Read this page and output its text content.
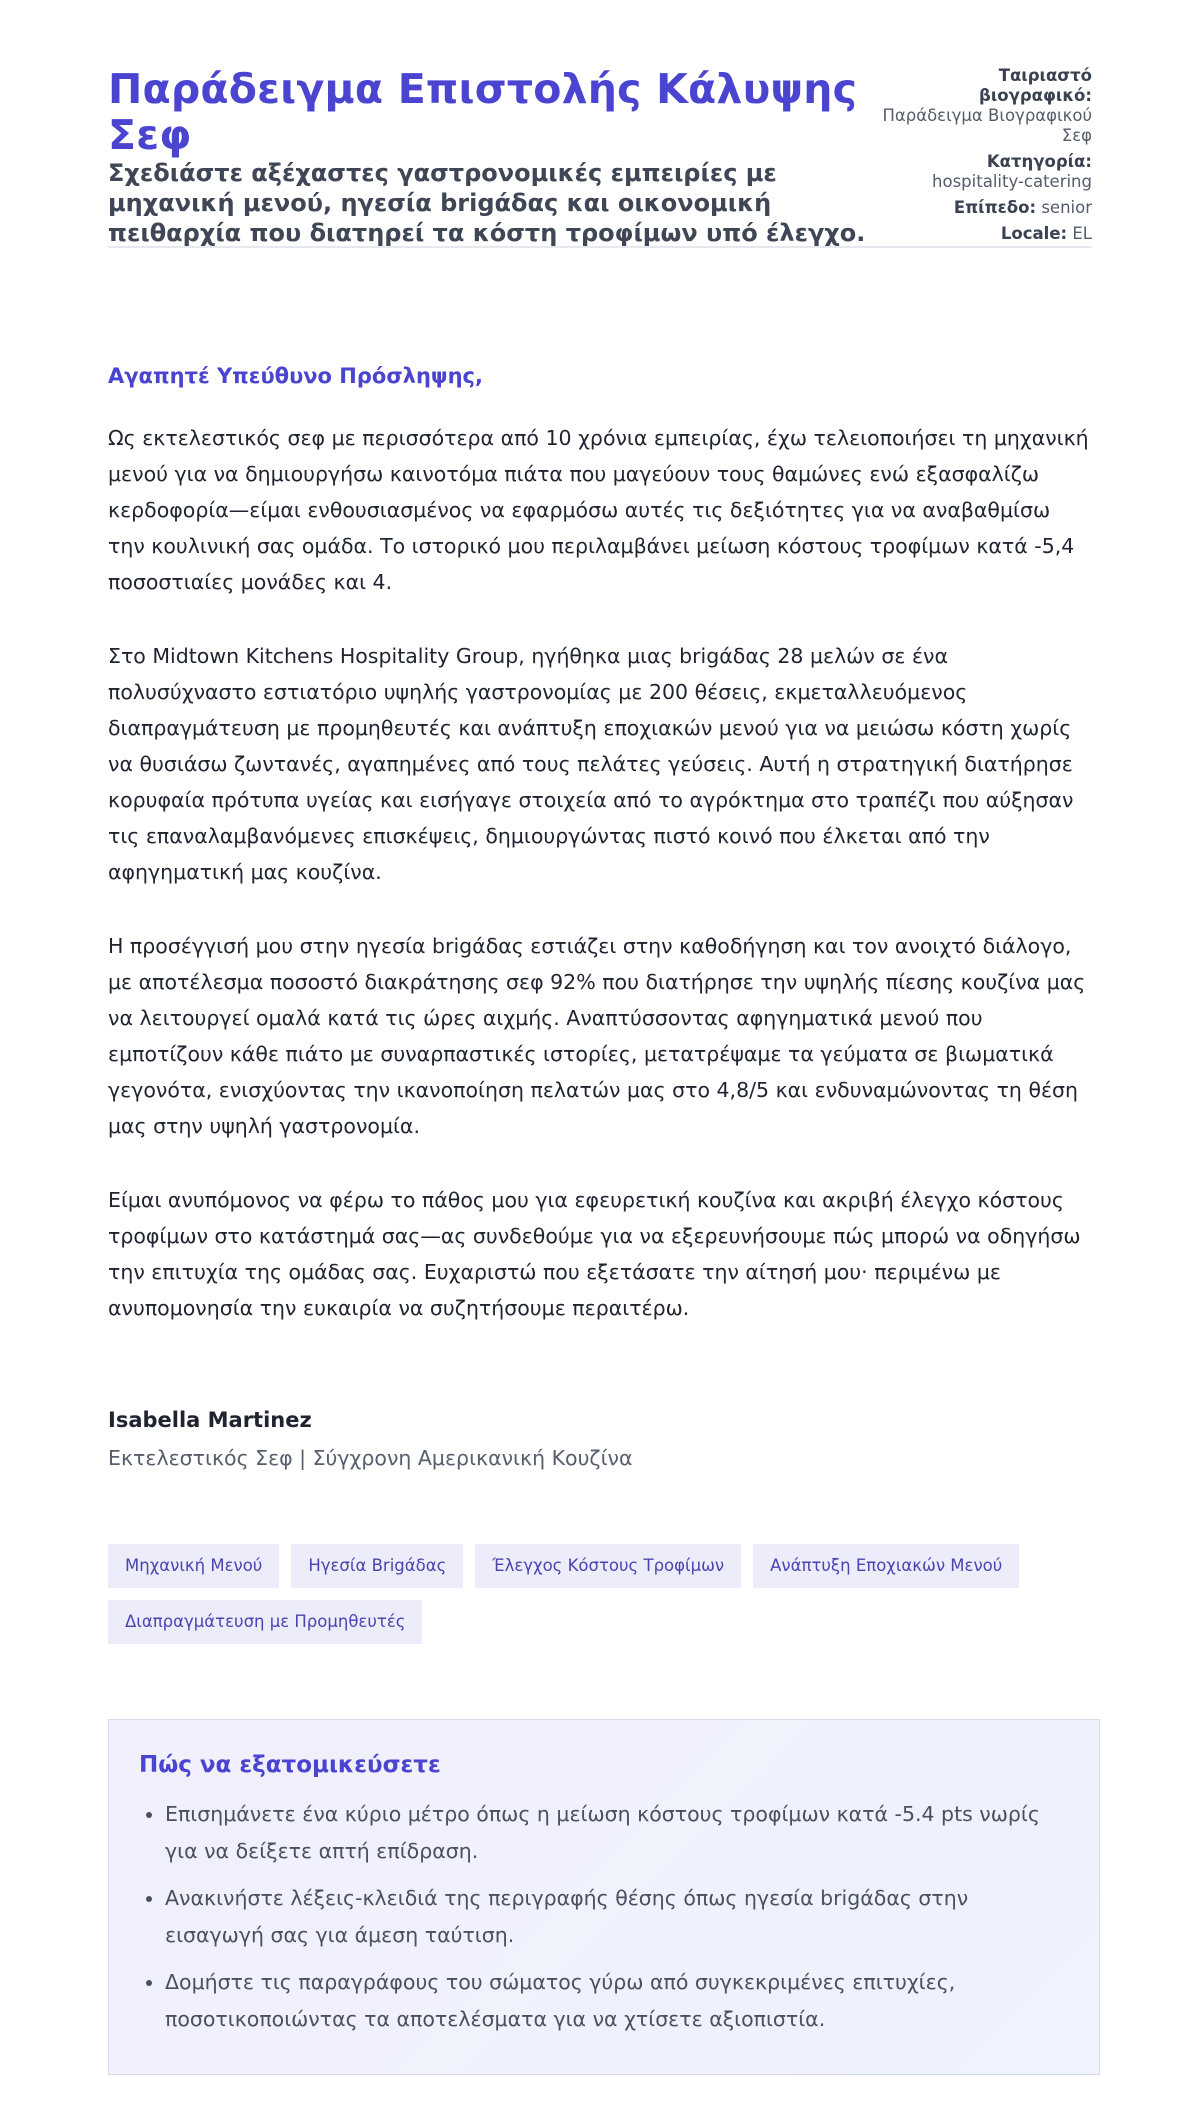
Παράδειγμα Επιστολής Κάλυψης Σεφ

Σχεδιάστε αξέχαστες γαστρονομικές εμπειρίες με μηχανική μενού, ηγεσία brigάδας και οικονομική πειθαρχία που διατηρεί τα κόστη τροφίμων υπό έλεγχο.

Ταιριαστό βιογραφικό:
Παράδειγμα Βιογραφικού Σεφ
Κατηγορία:
hospitality-catering
Επίπεδο: senior
Locale: EL

Αγαπητέ Υπεύθυνο Πρόσληψης,

Ως εκτελεστικός σεφ με περισσότερα από 10 χρόνια εμπειρίας, έχω τελειοποιήσει τη μηχανική μενού για να δημιουργήσω καινοτόμα πιάτα που μαγεύουν τους θαμώνες ενώ εξασφαλίζω κερδοφορία—είμαι ενθουσιασμένος να εφαρμόσω αυτές τις δεξιότητες για να αναβαθμίσω την κουλινική σας ομάδα. Το ιστορικό μου περιλαμβάνει μείωση κόστους τροφίμων κατά -5,4 ποσοστιαίες μονάδες και 4.

Στο Midtown Kitchens Hospitality Group, ηγήθηκα μιας brigάδας 28 μελών σε ένα πολυσύχναστο εστιατόριο υψηλής γαστρονομίας με 200 θέσεις, εκμεταλλευόμενος διαπραγμάτευση με προμηθευτές και ανάπτυξη εποχιακών μενού για να μειώσω κόστη χωρίς να θυσιάσω ζωντανές, αγαπημένες από τους πελάτες γεύσεις. Αυτή η στρατηγική διατήρησε κορυφαία πρότυπα υγείας και εισήγαγε στοιχεία από το αγρόκτημα στο τραπέζι που αύξησαν τις επαναλαμβανόμενες επισκέψεις, δημιουργώντας πιστό κοινό που έλκεται από την αφηγηματική μας κουζίνα.

Η προσέγγισή μου στην ηγεσία brigάδας εστιάζει στην καθοδήγηση και τον ανοιχτό διάλογο, με αποτέλεσμα ποσοστό διακράτησης σεφ 92% που διατήρησε την υψηλής πίεσης κουζίνα μας να λειτουργεί ομαλά κατά τις ώρες αιχμής. Αναπτύσσοντας αφηγηματικά μενού που εμποτίζουν κάθε πιάτο με συναρπαστικές ιστορίες, μετατρέψαμε τα γεύματα σε βιωματικά γεγονότα, ενισχύοντας την ικανοποίηση πελατών μας στο 4,8/5 και ενδυναμώνοντας τη θέση μας στην υψηλή γαστρονομία.

Είμαι ανυπόμονος να φέρω το πάθος μου για εφευρετική κουζίνα και ακριβή έλεγχο κόστους τροφίμων στο κατάστημά σας—ας συνδεθούμε για να εξερευνήσουμε πώς μπορώ να οδηγήσω την επιτυχία της ομάδας σας. Ευχαριστώ που εξετάσατε την αίτησή μου· περιμένω με ανυπομονησία την ευκαιρία να συζητήσουμε περαιτέρω.

Isabella Martinez
Εκτελεστικός Σεφ | Σύγχρονη Αμερικανική Κουζίνα
Μηχανική Μενού	Ηγεσία Brigάδας	Έλεγχος Κόστους Τροφίμων	Ανάπτυξη Εποχιακών Μενού
Διαπραγμάτευση με Προμηθευτές
Πώς να εξατομικεύσετε
• Επισημάνετε ένα κύριο μέτρο όπως η μείωση κόστους τροφίμων κατά -5.4 pts νωρίς για να δείξετε απτή επίδραση.
• Ανακινήστε λέξεις-κλειδιά της περιγραφής θέσης όπως ηγεσία brigάδας στην εισαγωγή σας για άμεση ταύτιση.
• Δομήστε τις παραγράφους του σώματος γύρω από συγκεκριμένες επιτυχίες, ποσοτικοποιώντας τα αποτελέσματα για να χτίσετε αξιοπιστία.
